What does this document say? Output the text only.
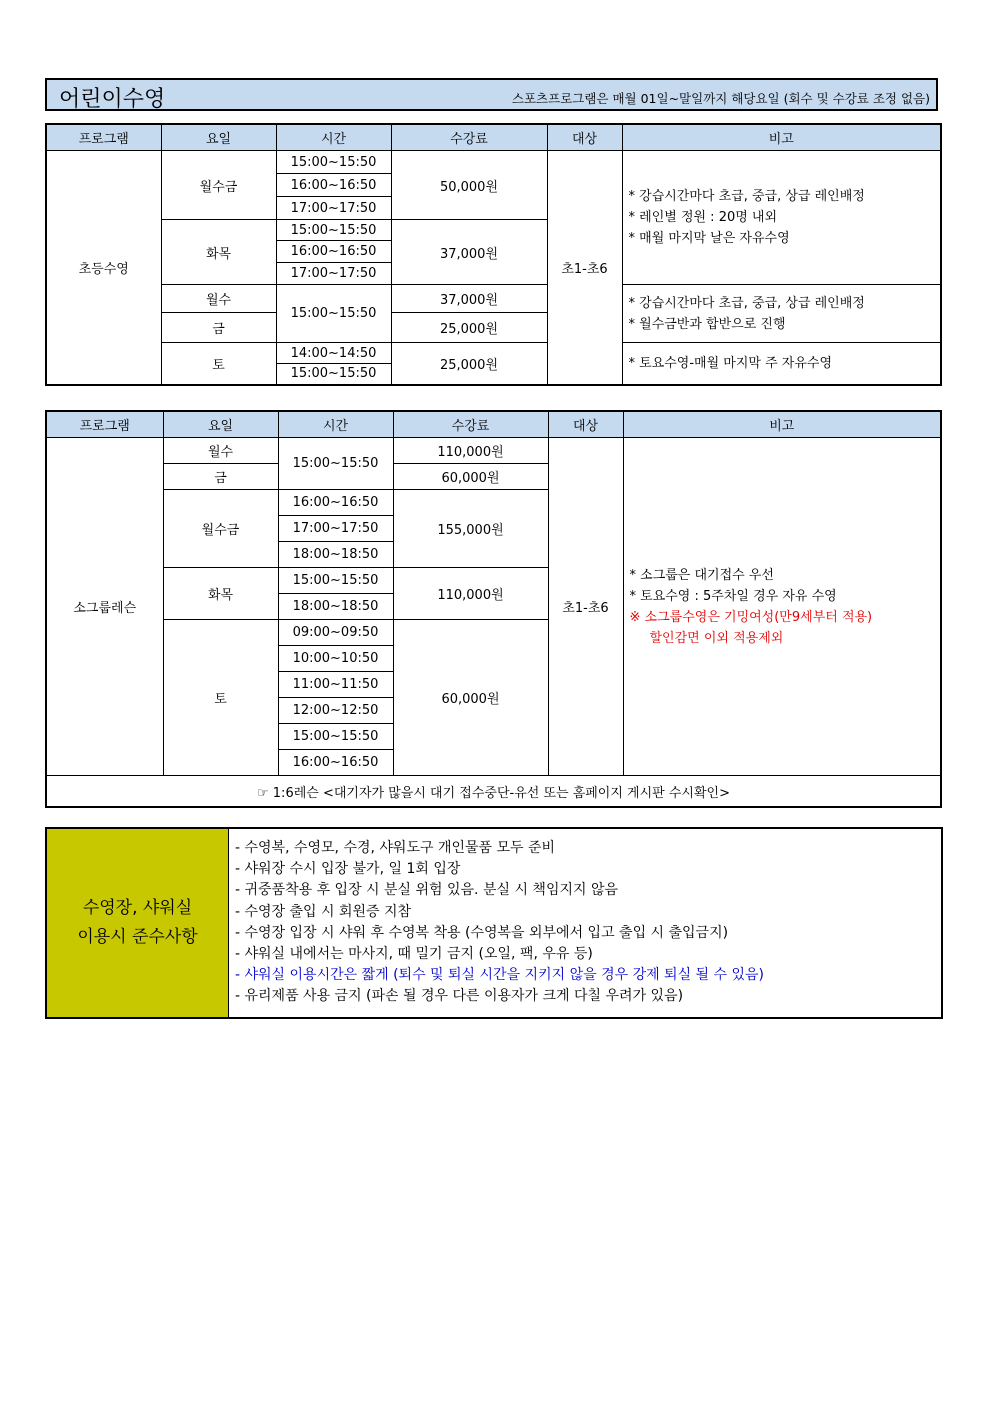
어린이수영	스포츠프로그램은 매월 01일~말일까지 해당요일 (회수 및 수강료 조정 없음)
프로그램	요일	시간	수강료	대상	비고
초등수영	월수금	15:00~15:50	50,000원	초1-초6	* 강습시간마다 초급, 중급, 상급 레인배정
* 레인별 정원 : 20명 내외
* 매월 마지막 날은 자유수영

		16:00~16:50			
		17:00~17:50			
	화목	15:00~15:50	37,000원		
		16:00~16:50			
		17:00~17:50			
	월수	15:00~15:50	37,000원		* 강습시간마다 초급, 중급, 상급 레인배정
* 월수금반과 합반으로 진행

	금		25,000원		
	토	14:00~14:50	25,000원		* 토요수영-매월 마지막 주 자유수영

		15:00~15:50			
프로그램	요일	시간	수강료	대상	비고
소그룹레슨	월수	15:00~15:50	110,000원	초1-초6	* 소그룹은 대기접수 우선
* 토요수영 : 5주차일 경우 자유 수영
※ 소그룹수영은 기밍여성(만9세부터 적용)
할인감면 이외 적용제외

	금		60,000원		
	월수금	16:00~16:50	155,000원		
		17:00~17:50			
		18:00~18:50			
	화목	15:00~15:50	110,000원		
		18:00~18:50			
	토	09:00~09:50	60,000원		
		10:00~10:50			
		11:00~11:50			
		12:00~12:50			
		15:00~15:50			
		16:00~16:50			
☞ 1:6레슨 <대기자가 많을시 대기 접수중단-유선 또는 홈페이지 게시판 수시확인>					
수영장, 샤워실
이용시 준수사항
- 수영복, 수영모, 수경, 샤워도구 개인물품 모두 준비
- 샤워장 수시 입장 불가, 일 1회 입장
- 귀중품착용 후 입장 시 분실 위험 있음. 분실 시 책임지지 않음
- 수영장 출입 시 회원증 지참
- 수영장 입장 시 샤워 후 수영복 착용 (수영복을 외부에서 입고 출입 시 출입금지)
- 샤워실 내에서는 마사지, 때 밀기 금지 (오일, 팩, 우유 등)
- 샤워실 이용시간은 짧게 (퇴수 및 퇴실 시간을 지키지 않을 경우 강제 퇴실 될 수 있음)
- 유리제품 사용 금지 (파손 될 경우 다른 이용자가 크게 다칠 우려가 있음)
